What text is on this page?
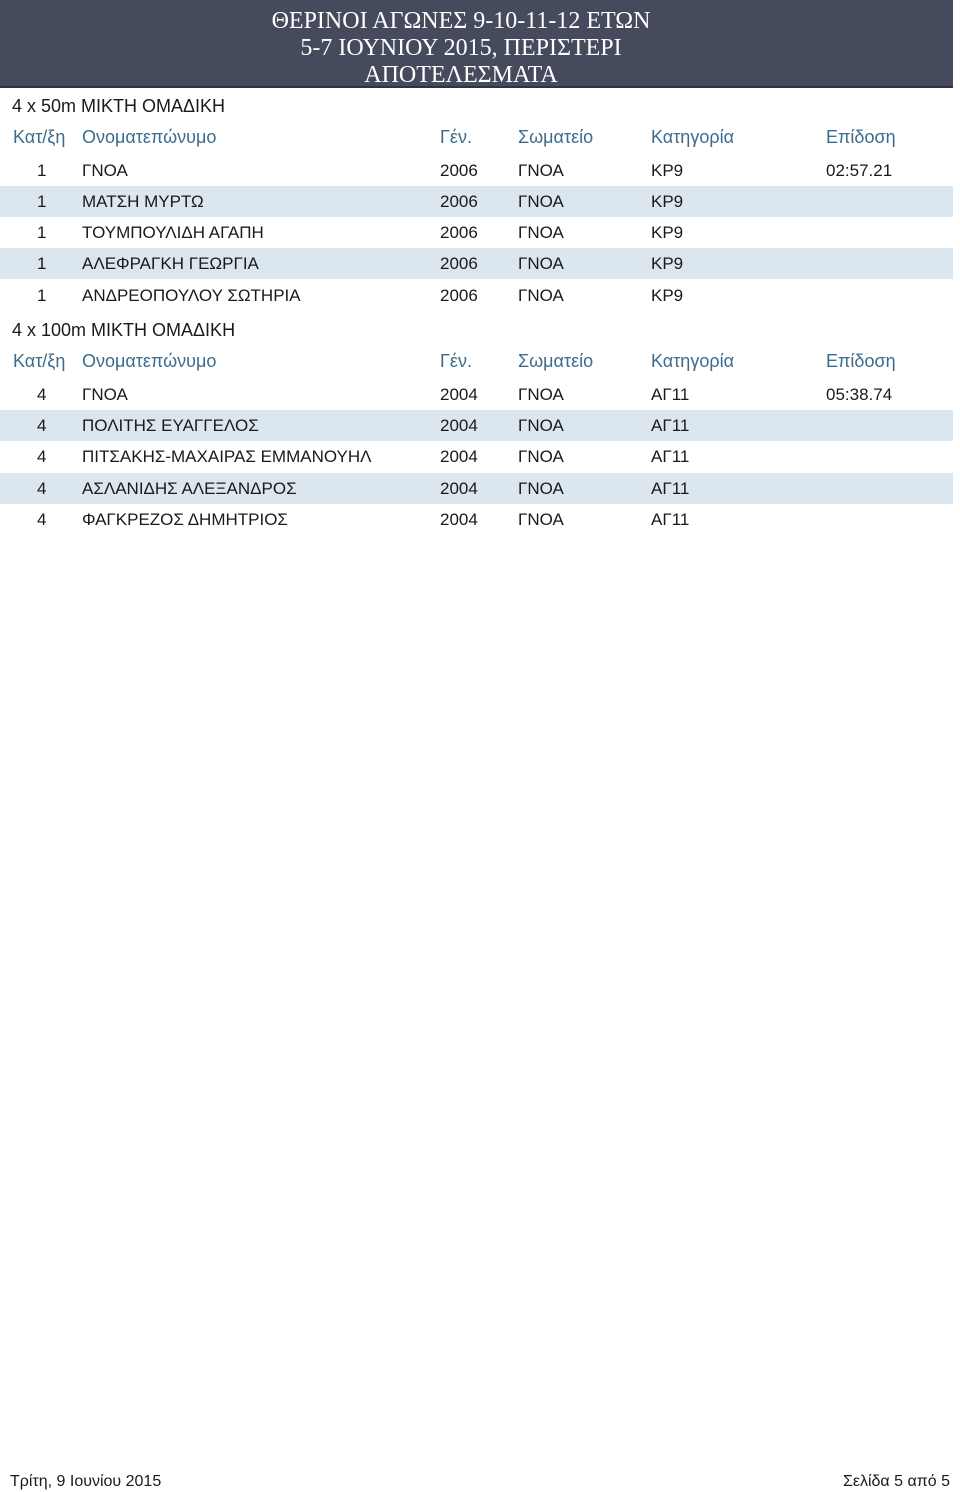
ΘΕΡΙΝΟΙ ΑΓΩΝΕΣ 9-10-11-12 ΕΤΩΝ
5-7 ΙΟΥΝΙΟΥ 2015, ΠΕΡΙΣΤΕΡΙ
ΑΠΟΤΕΛΕΣΜΑΤΑ
4 x 50m ΜΙΚΤΗ ΟΜΑΔΙΚΗ
Κατ/ξη Ονοματεπώνυμο	Γέν.	Σωματείο	Κατηγορία	Επίδοση
1 ΓΝΟΑ	2006 ΓΝΟΑ	ΚΡ9	02:57.21
1 ΜΑΤΣΗ ΜΥΡΤΩ	2006 ΓΝΟΑ	ΚΡ9
1 ΤΟΥΜΠΟΥΛΙΔΗ ΑΓΑΠΗ	2006 ΓΝΟΑ	ΚΡ9
1 ΑΛΕΦΡΑΓΚΗ ΓΕΩΡΓΙΑ	2006 ΓΝΟΑ	ΚΡ9
1 ΑΝΔΡΕΟΠΟΥΛΟΥ ΣΩΤΗΡΙΑ	2006 ΓΝΟΑ	ΚΡ9
4 x 100m ΜΙΚΤΗ ΟΜΑΔΙΚΗ
Κατ/ξη Ονοματεπώνυμο	Γέν.	Σωματείο	Κατηγορία	Επίδοση
4 ΓΝΟΑ	2004 ΓΝΟΑ	ΑΓ11	05:38.74
4 ΠΟΛΙΤΗΣ ΕΥΑΓΓΕΛΟΣ	2004 ΓΝΟΑ	ΑΓ11
4 ΠΙΤΣΑΚΗΣ-ΜΑΧΑΙΡΑΣ ΕΜΜΑΝΟΥΗΛ	2004 ΓΝΟΑ	ΑΓ11
4 ΑΣΛΑΝΙΔΗΣ ΑΛΕΞΑΝΔΡΟΣ	2004 ΓΝΟΑ	ΑΓ11
4 ΦΑΓΚΡΕΖΟΣ ΔΗΜΗΤΡΙΟΣ	2004 ΓΝΟΑ	ΑΓ11
Τρίτη, 9 Ιουνίου 2015	Σελίδα 5 από 5
